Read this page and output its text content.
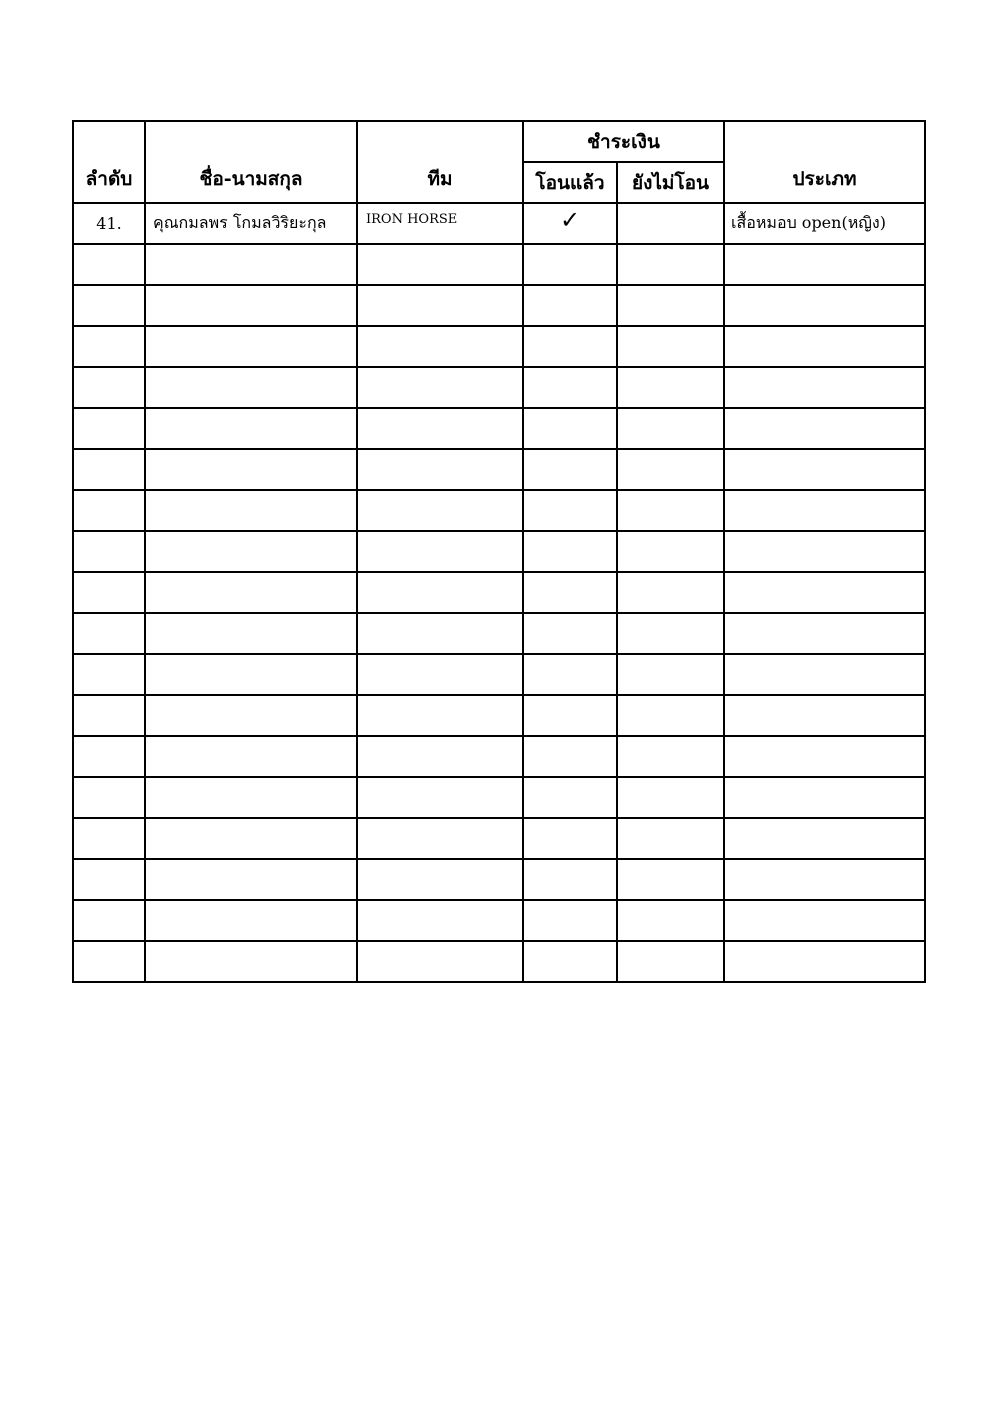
ลำดับ	ชื่อ-นามสกุล	ทีม	ชำระเงิน		ประเภท
			โอนแล้ว	ยังไม่โอน	
41.	คุณกมลพร โกมลวิริยะกุล	IRON HORSE	✓		เสื้อหมอบ open(หญิง)
